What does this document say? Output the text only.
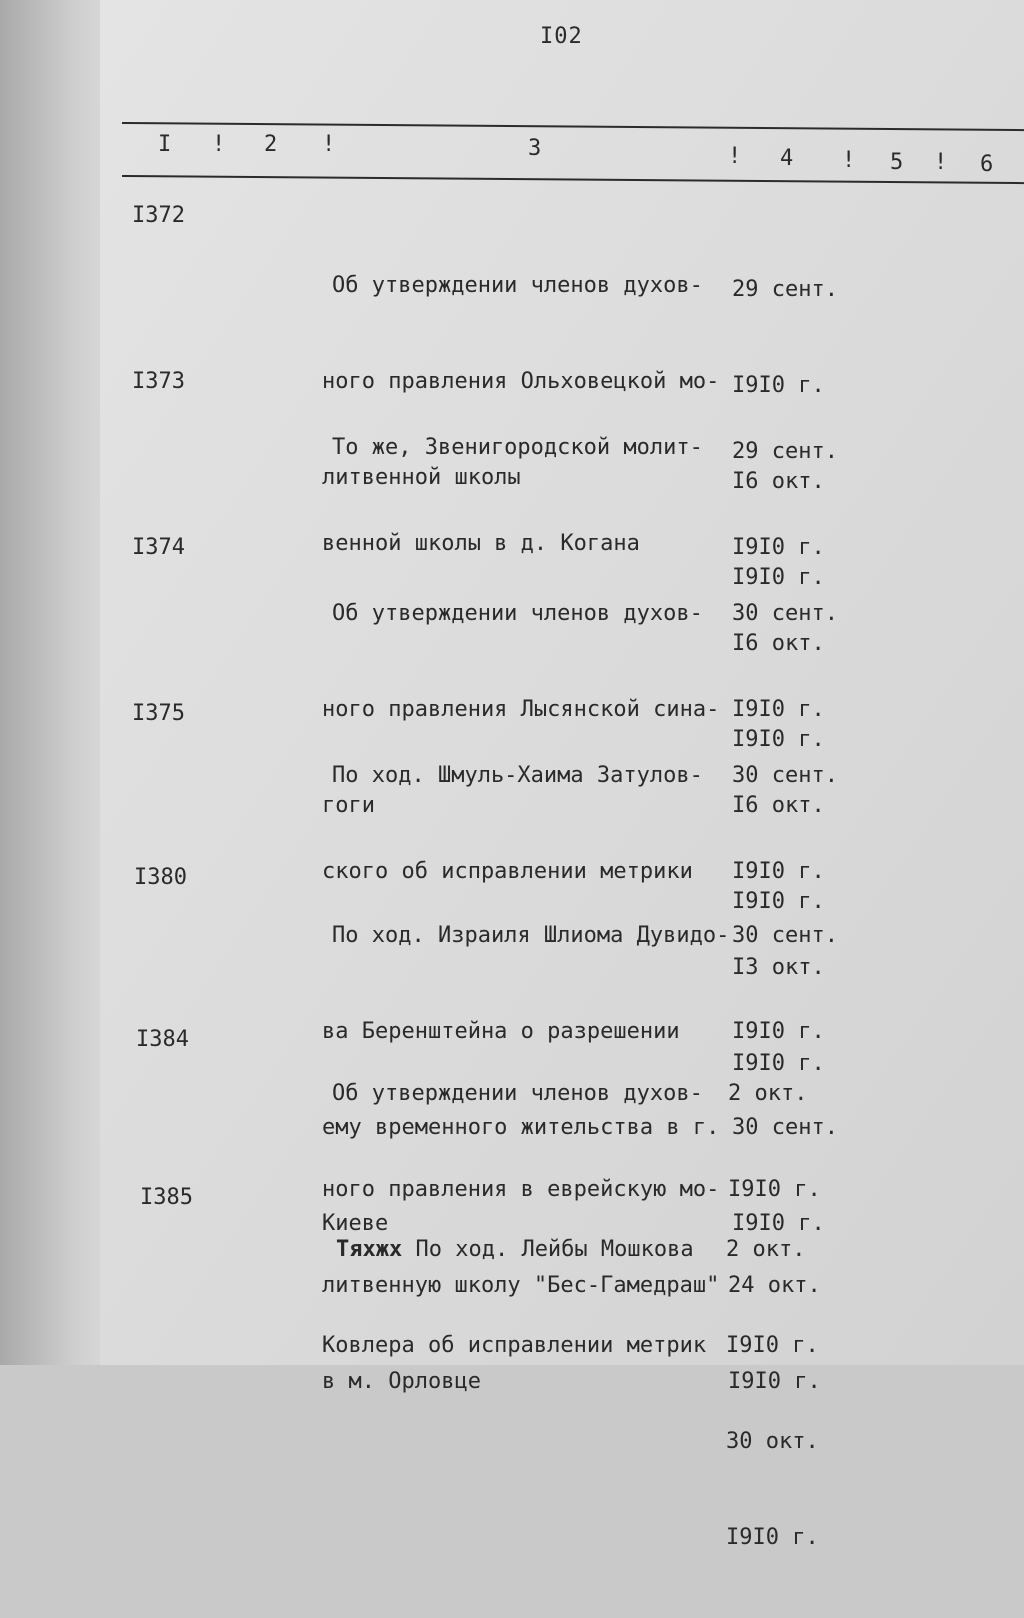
I02
I ! 2 !	3	! 4 ! 5 ! 6
I372

Об утверждении членов духов-

ного правления Ольховецкой мо-

литвенной школы

29 сент.

I9I0 г.

I6 окт.

I9I0 г.

I373

То же, Звенигородской молит-

венной школы в д. Когана

29 сент.

I9I0 г.

I6 окт.

I9I0 г.

I374

Об утверждении членов духов-

ного правления Лысянской сина-

гоги

30 сент.

I9I0 г.

I6 окт.

I9I0 г.

I375

По ход. Шмуль-Хаима Затулов-

ского об исправлении метрики

30 сент.

I9I0 г.

I3 окт.

I9I0 г.

I380

По ход. Израиля Шлиома Дувидо-

ва Беренштейна о разрешении

ему временного жительства в г.

Киеве

30 сент.

I9I0 г.

30 сент.

I9I0 г.

I384

Об утверждении членов духов-

ного правления в еврейскую мо-

литвенную школу "Бес-Гамедраш"

в м. Орловце

2 окт.

I9I0 г.

24 окт.

I9I0 г.

I385

Тяхжх По ход. Лейбы Мошкова

Ковлера об исправлении метрик

2 окт.

I9I0 г.

30 окт.

I9I0 г.
